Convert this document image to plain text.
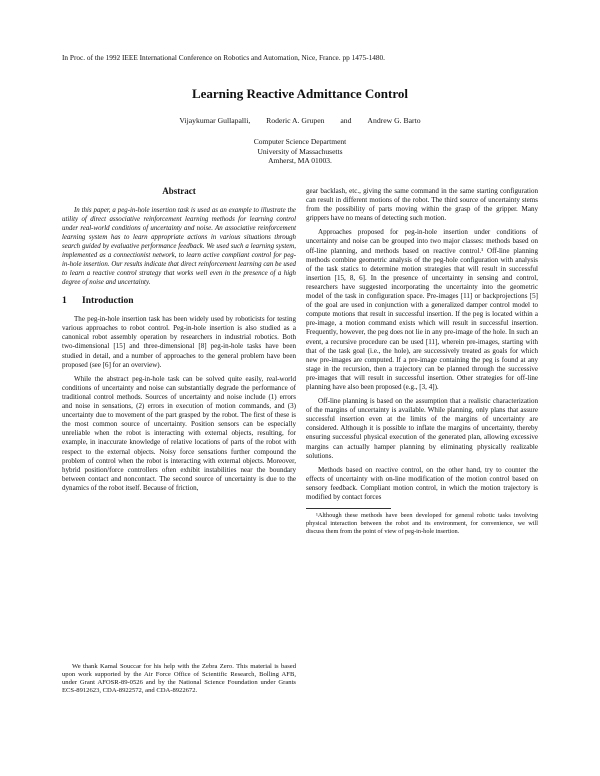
In Proc. of the 1992 IEEE International Conference on Robotics and Automation, Nice, France. pp 1475-1480.
Learning Reactive Admittance Control
Vijaykumar Gullapalli, Roderic A. Grupen and Andrew G. Barto
Computer Science Department
University of Massachusetts
Amherst, MA 01003.
Abstract

In this paper, a peg-in-hole insertion task is used as an example to illustrate the utility of direct associative reinforcement learning methods for learning control under real-world conditions of uncertainty and noise. An associative reinforcement learning system has to learn appropriate actions in various situations through search guided by evaluative performance feedback. We used such a learning system, implemented as a connectionist network, to learn active compliant control for peg-in-hole insertion. Our results indicate that direct reinforcement learning can be used to learn a reactive control strategy that works well even in the presence of a high degree of noise and uncertainty.

1 Introduction

The peg-in-hole insertion task has been widely used by roboticists for testing various approaches to robot control. Peg-in-hole insertion is also studied as a canonical robot assembly operation by researchers in industrial robotics. Both two-dimensional [15] and three-dimensional [8] peg-in-hole tasks have been studied in detail, and a number of approaches to the general problem have been proposed (see [6] for an overview).

While the abstract peg-in-hole task can be solved quite easily, real-world conditions of uncertainty and noise can substantially degrade the performance of traditional control methods. Sources of uncertainty and noise include (1) errors and noise in sensations, (2) errors in execution of motion commands, and (3) uncertainty due to movement of the part grasped by the robot. The first of these is the most common source of uncertainty. Position sensors can be especially unreliable when the robot is interacting with external objects, resulting, for example, in inaccurate knowledge of relative locations of parts of the robot with respect to the external objects. Noisy force sensations further compound the problem of control when the robot is interacting with external objects. Moreover, hybrid position/force controllers often exhibit instabilities near the boundary between contact and noncontact. The second source of uncertainty is due to the dynamics of the robot itself. Because of friction,

We thank Kamal Souccar for his help with the Zebra Zero. This material is based upon work supported by the Air Force Office of Scientific Research, Bolling AFB, under Grant AFOSR-89-0526 and by the National Science Foundation under Grants ECS-8912623, CDA-8922572, and CDA-8922672.

gear backlash, etc., giving the same command in the same starting configuration can result in different motions of the robot. The third source of uncertainty stems from the possibility of parts moving within the grasp of the gripper. Many grippers have no means of detecting such motion.

Approaches proposed for peg-in-hole insertion under conditions of uncertainty and noise can be grouped into two major classes: methods based on off-line planning, and methods based on reactive control.¹ Off-line planning methods combine geometric analysis of the peg-hole configuration with analysis of the task statics to determine motion strategies that will result in successful insertion [15, 8, 6]. In the presence of uncertainty in sensing and control, researchers have suggested incorporating the uncertainty into the geometric model of the task in configuration space. Pre-images [11] or backprojections [5] of the goal are used in conjunction with a generalized damper control model to compute motions that result in successful insertion. If the peg is located within a pre-image, a motion command exists which will result in successful insertion. Frequently, however, the peg does not lie in any pre-image of the hole. In such an event, a recursive procedure can be used [11], wherein pre-images, starting with that of the task goal (i.e., the hole), are successively treated as goals for which new pre-images are computed. If a pre-image containing the peg is found at any stage in the recursion, then a trajectory can be planned through the successive pre-images that will result in successful insertion. Other strategies for off-line planning have also been proposed (e.g., [3, 4]).

Off-line planning is based on the assumption that a realistic characterization of the margins of uncertainty is available. While planning, only plans that assure successful insertion even at the limits of the margins of uncertainty are considered. Although it is possible to inflate the margins of uncertainty, thereby ensuring successful physical execution of the generated plan, allowing excessive margins can actually hamper planning by eliminating physically realizable solutions.

Methods based on reactive control, on the other hand, try to counter the effects of uncertainty with on-line modification of the motion control based on sensory feedback. Compliant motion control, in which the motion trajectory is modified by contact forces

¹Although these methods have been developed for general robotic tasks involving physical interaction between the robot and its environment, for convenience, we will discuss them from the point of view of peg-in-hole insertion.
